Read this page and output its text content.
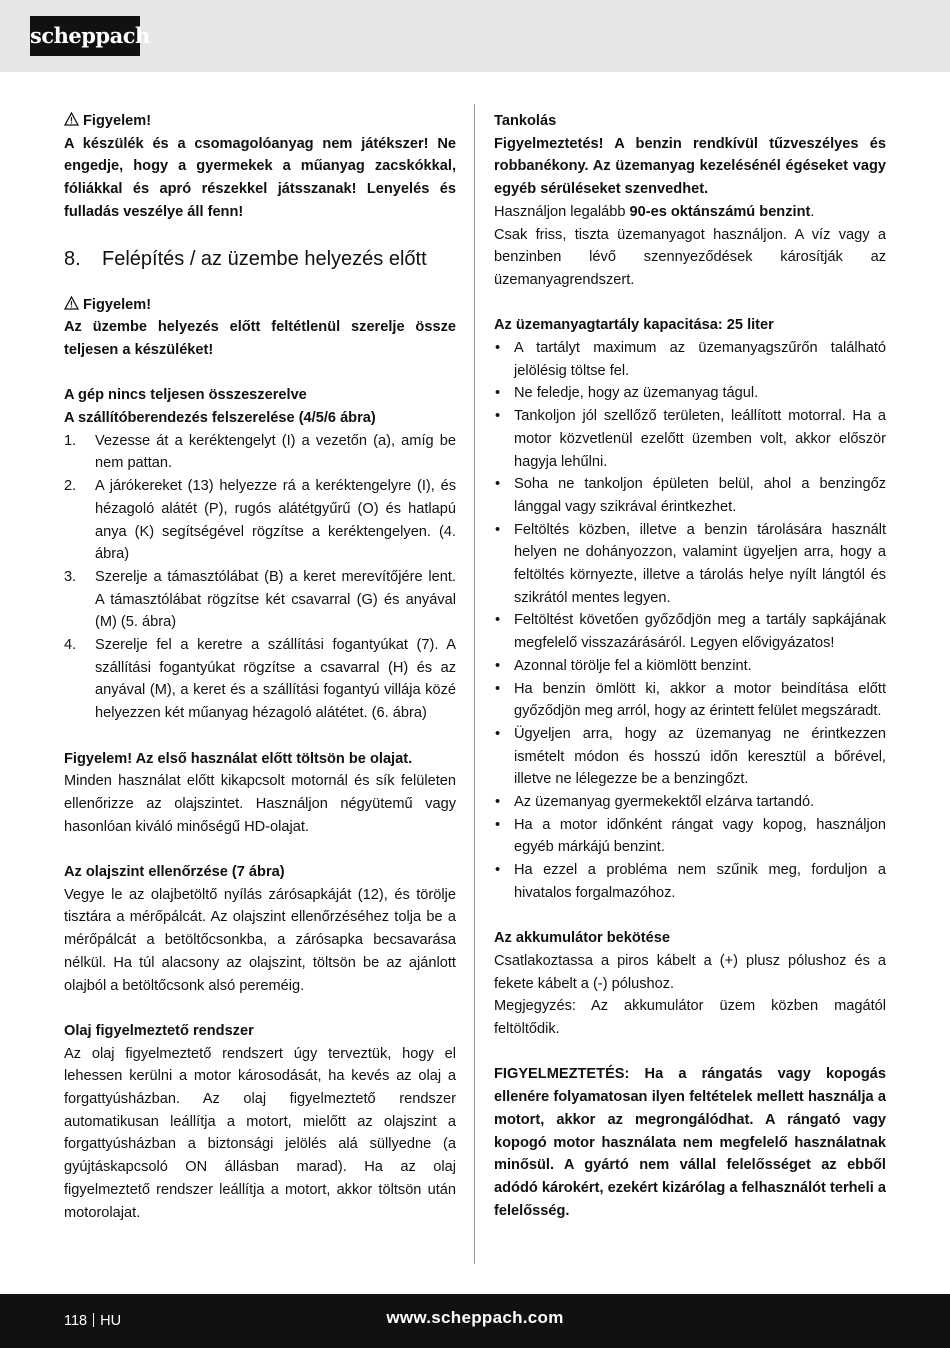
scheppach

Figyelem!

A készülék és a csomagolóanyag nem játékszer! Ne engedje, hogy a gyermekek a műanyag zacskókkal, fóliákkal és apró részekkel játsszanak! Lenyelés és fulladás veszélye áll fenn!

8. Felépítés / az üzembe helyezés előtt

Figyelem!

Az üzembe helyezés előtt feltétlenül szerelje össze teljesen a készüléket!

A gép nincs teljesen összeszerelve

A szállítóberendezés felszerelése (4/5/6 ábra)

1. Vezesse át a keréktengelyt (I) a vezetőn (a), amíg be nem pattan.
2. A járókereket (13) helyezze rá a keréktengelyre (I), és hézagoló alátét (P), rugós alátétgyűrű (O) és hatlapú anya (K) segítségével rögzítse a keréktengelyen. (4. ábra)
3. Szerelje a támasztólábat (B) a keret merevítőjére lent. A támasztólábat rögzítse két csavarral (G) és anyával (M) (5. ábra)
4. Szerelje fel a keretre a szállítási fogantyúkat (7). A szállítási fogantyúkat rögzítse a csavarral (H) és az anyával (M), a keret és a szállítási fogantyú villája közé helyezzen két műanyag hézagoló alátétet. (6. ábra)

Figyelem! Az első használat előtt töltsön be olajat.

Minden használat előtt kikapcsolt motornál és sík felületen ellenőrizze az olajszintet. Használjon négyütemű vagy hasonlóan kiváló minőségű HD-olajat.

Az olajszint ellenőrzése (7 ábra)

Vegye le az olajbetöltő nyílás zárósapkáját (12), és törölje tisztára a mérőpálcát. Az olajszint ellenőrzéséhez tolja be a mérőpálcát a betöltőcsonkba, a zárósapka becsavarása nélkül. Ha túl alacsony az olajszint, töltsön be az ajánlott olajból a betöltőcsonk alsó pereméig.

Olaj figyelmeztető rendszer

Az olaj figyelmeztető rendszert úgy terveztük, hogy el lehessen kerülni a motor károsodását, ha kevés az olaj a forgattyúsházban. Az olaj figyelmeztető rendszer automatikusan leállítja a motort, mielőtt az olajszint a forgattyúsházban a biztonsági jelölés alá süllyedne (a gyújtáskapcsoló ON állásban marad). Ha az olaj figyelmeztető rendszer leállítja a motort, akkor töltsön után motorolajat.

Tankolás

Figyelmeztetés! A benzin rendkívül tűzveszélyes és robbanékony. Az üzemanyag kezelésénél égéseket vagy egyéb sérüléseket szenvedhet.

Használjon legalább 90-es oktánszámú benzint.

Csak friss, tiszta üzemanyagot használjon. A víz vagy a benzinben lévő szennyeződések károsítják az üzemanyagrendszert.

Az üzemanyagtartály kapacitása: 25 liter

• A tartályt maximum az üzemanyagszűrőn található jelölésig töltse fel.
• Ne feledje, hogy az üzemanyag tágul.
• Tankoljon jól szellőző területen, leállított motorral. Ha a motor közvetlenül ezelőtt üzemben volt, akkor először hagyja lehűlni.
• Soha ne tankoljon épületen belül, ahol a benzingőz lánggal vagy szikrával érintkezhet.
• Feltöltés közben, illetve a benzin tárolására használt helyen ne dohányozzon, valamint ügyeljen arra, hogy a feltöltés környezte, illetve a tárolás helye nyílt lángtól és szikrától mentes legyen.
• Feltöltést követően győződjön meg a tartály sapkájának megfelelő visszazárásáról. Legyen elővigyázatos!
• Azonnal törölje fel a kiömlött benzint.
• Ha benzin ömlött ki, akkor a motor beindítása előtt győződjön meg arról, hogy az érintett felület megszáradt.
• Ügyeljen arra, hogy az üzemanyag ne érintkezzen ismételt módon és hosszú időn keresztül a bőrével, illetve ne lélegezze be a benzingőzt.
• Az üzemanyag gyermekektől elzárva tartandó.
• Ha a motor időnként rángat vagy kopog, használjon egyéb márkájú benzint.
• Ha ezzel a probléma nem szűnik meg, forduljon a hivatalos forgalmazóhoz.

Az akkumulátor bekötése

Csatlakoztassa a piros kábelt a (+) plusz pólushoz és a fekete kábelt a (-) pólushoz.

Megjegyzés: Az akkumulátor üzem közben magától feltöltődik.

FIGYELMEZTETÉS: Ha a rángatás vagy kopogás ellenére folyamatosan ilyen feltételek mellett használja a motort, akkor az megrongálódhat. A rángató vagy kopogó motor használata nem megfelelő használatnak minősül. A gyártó nem vállal felelősséget az ebből adódó károkért, ezekért kizárólag a felhasználót terheli a felelősség.

118 HU	www.scheppach.com
